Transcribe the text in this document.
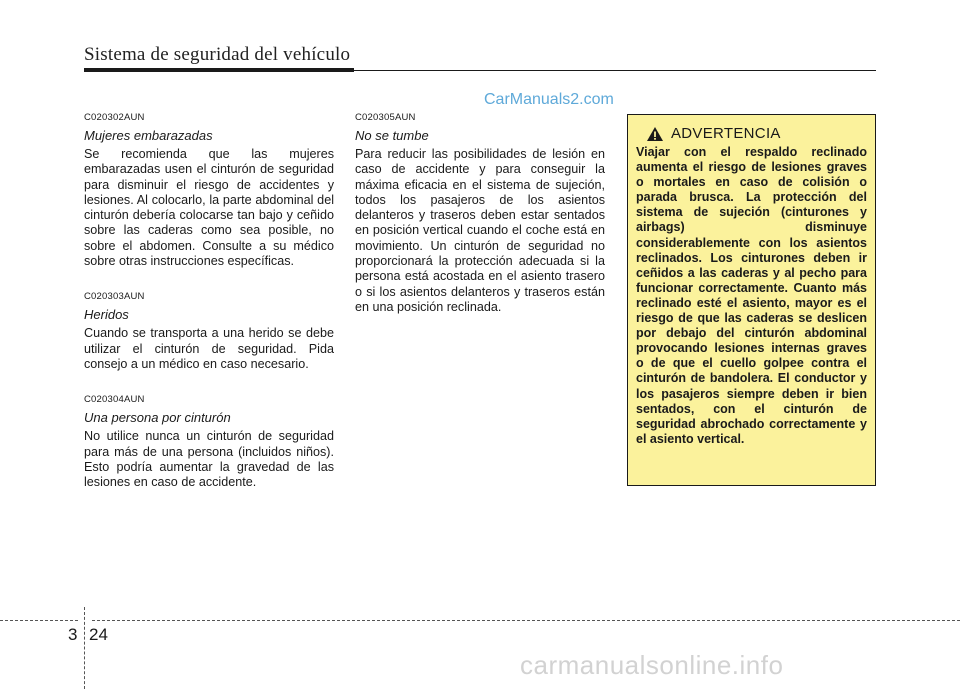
Sistema de seguridad del vehículo
CarManuals2.com

C020302AUN

Mujeres embarazadas

Se recomienda que las mujeres embarazadas usen el cinturón de seguridad para disminuir el riesgo de accidentes y lesiones. Al colocarlo, la parte abdominal del cinturón debería colocarse tan bajo y ceñido sobre las caderas como sea posible, no sobre el abdomen. Consulte a su médico sobre otras instrucciones específicas.

C020303AUN

Heridos

Cuando se transporta a una herido se debe utilizar el cinturón de seguridad. Pida consejo a un médico en caso necesario.

C020304AUN

Una persona por cinturón

No utilice nunca un cinturón de seguridad para más de una persona (incluidos niños). Esto podría aumentar la gravedad de las lesiones en caso de accidente.

C020305AUN

No se tumbe

Para reducir las posibilidades de lesión en caso de accidente y para conseguir la máxima eficacia en el sistema de sujeción, todos los pasajeros de los asientos delanteros y traseros deben estar sentados en posición vertical cuando el coche está en movimiento. Un cinturón de seguridad no proporcionará la protección adecuada si la persona está acostada en el asiento trasero o si los asientos delanteros y traseros están en una posición reclinada.

ADVERTENCIA

Viajar con el respaldo reclinado aumenta el riesgo de lesiones graves o mortales en caso de colisión o parada brusca. La protección del sistema de sujeción (cinturones y airbags) disminuye considerablemente con los asientos reclinados. Los cinturones deben ir ceñidos a las caderas y al pecho para funcionar correctamente. Cuanto más reclinado esté el asiento, mayor es el riesgo de que las caderas se deslicen por debajo del cinturón abdominal provocando lesiones internas graves o de que el cuello golpee contra el cinturón de bandolera. El conductor y los pasajeros siempre deben ir bien sentados, con el cinturón de seguridad abrochado correctamente y el asiento vertical.

3 24
carmanualsonline.info
